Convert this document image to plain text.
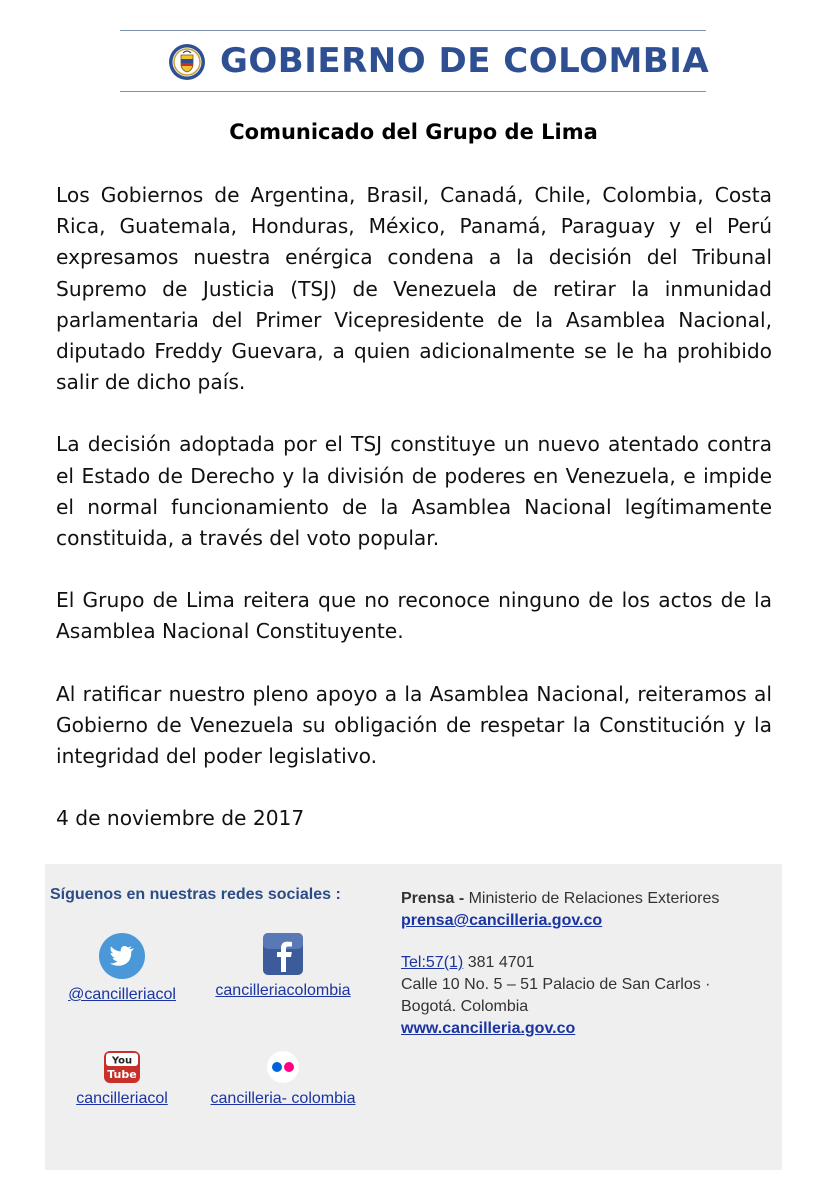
GOBIERNO DE COLOMBIA
Comunicado del Grupo de Lima

Los Gobiernos de Argentina, Brasil, Canadá, Chile, Colombia, Costa Rica, Guatemala, Honduras, México, Panamá, Paraguay y el Perú expresamos nuestra enérgica condena a la decisión del Tribunal Supremo de Justicia (TSJ) de Venezuela de retirar la inmunidad parlamentaria del Primer Vicepresidente de la Asamblea Nacional, diputado Freddy Guevara, a quien adicionalmente se le ha prohibido salir de dicho país.

La decisión adoptada por el TSJ constituye un nuevo atentado contra el Estado de Derecho y la división de poderes en Venezuela, e impide el normal funcionamiento de la Asamblea Nacional legítimamente constituida, a través del voto popular.

El Grupo de Lima reitera que no reconoce ninguno de los actos de la Asamblea Nacional Constituyente.

Al ratificar nuestro pleno apoyo a la Asamblea Nacional, reiteramos al Gobierno de Venezuela su obligación de respetar la Constitución y la integridad del poder legislativo.

4 de noviembre de 2017

Síguenos en nuestras redes sociales :
@cancilleriacol	cancilleriacolombia
You
Tube
cancilleriacol	cancilleria- colombia
Prensa - Ministerio de Relaciones Exteriores
prensa@cancilleria.gov.co
Tel:57(1) 381 4701
Calle 10 No. 5 – 51 Palacio de San Carlos ·
Bogotá. Colombia
www.cancilleria.gov.co
